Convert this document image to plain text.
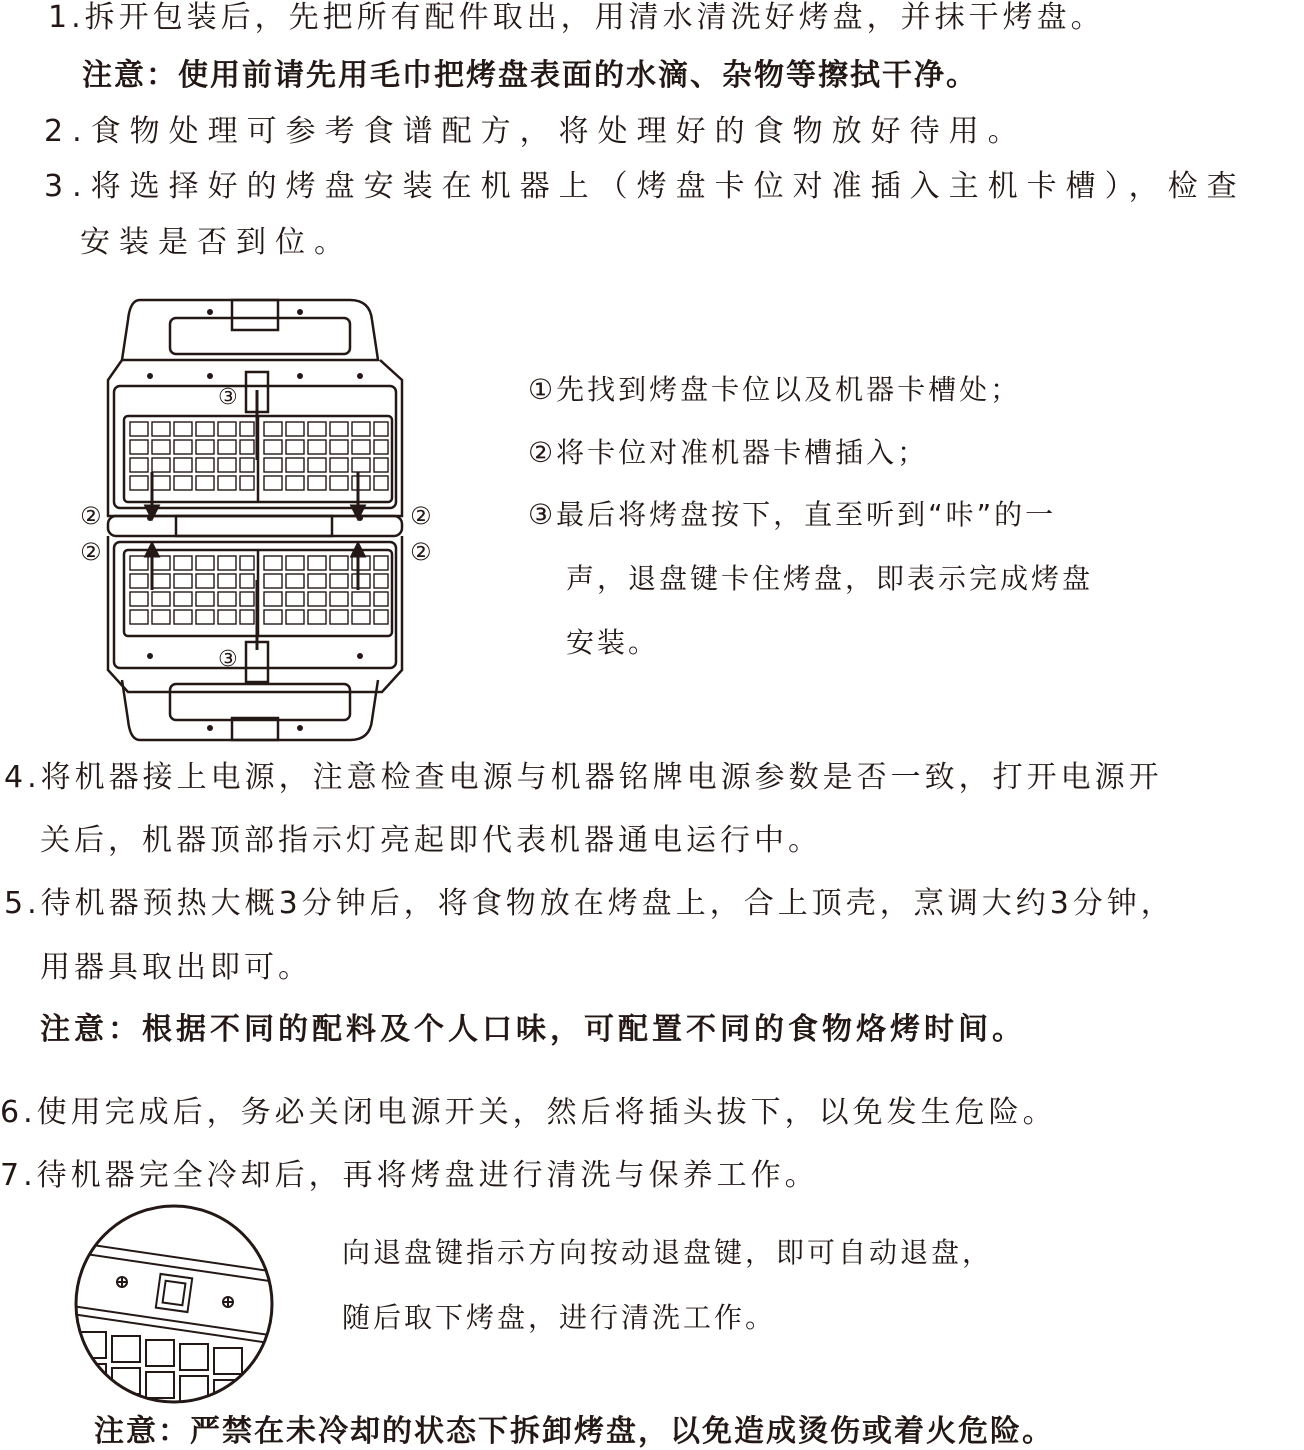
1.拆开包装后，先把所有配件取出，用清水清洗好烤盘，并抹干烤盘。
注意：使用前请先用毛巾把烤盘表面的水滴、杂物等擦拭干净。
2.食物处理可参考食谱配方，将处理好的食物放好待用。
3.将选择好的烤盘安装在机器上（烤盘卡位对准插入主机卡槽），检查
安装是否到位。
③
②	②
②	②
③
①先找到烤盘卡位以及机器卡槽处；
②将卡位对准机器卡槽插入；
③最后将烤盘按下，直至听到“咔”的一
声，退盘键卡住烤盘，即表示完成烤盘
安装。
4.将机器接上电源，注意检查电源与机器铭牌电源参数是否一致，打开电源开
关后，机器顶部指示灯亮起即代表机器通电运行中。
5.待机器预热大概3分钟后，将食物放在烤盘上，合上顶壳，烹调大约3分钟，
用器具取出即可。
注意：根据不同的配料及个人口味，可配置不同的食物烙烤时间。
6.使用完成后，务必关闭电源开关，然后将插头拔下，以免发生危险。
7.待机器完全冷却后，再将烤盘进行清洗与保养工作。
向退盘键指示方向按动退盘键，即可自动退盘，
随后取下烤盘，进行清洗工作。
注意：严禁在未冷却的状态下拆卸烤盘，以免造成烫伤或着火危险。
